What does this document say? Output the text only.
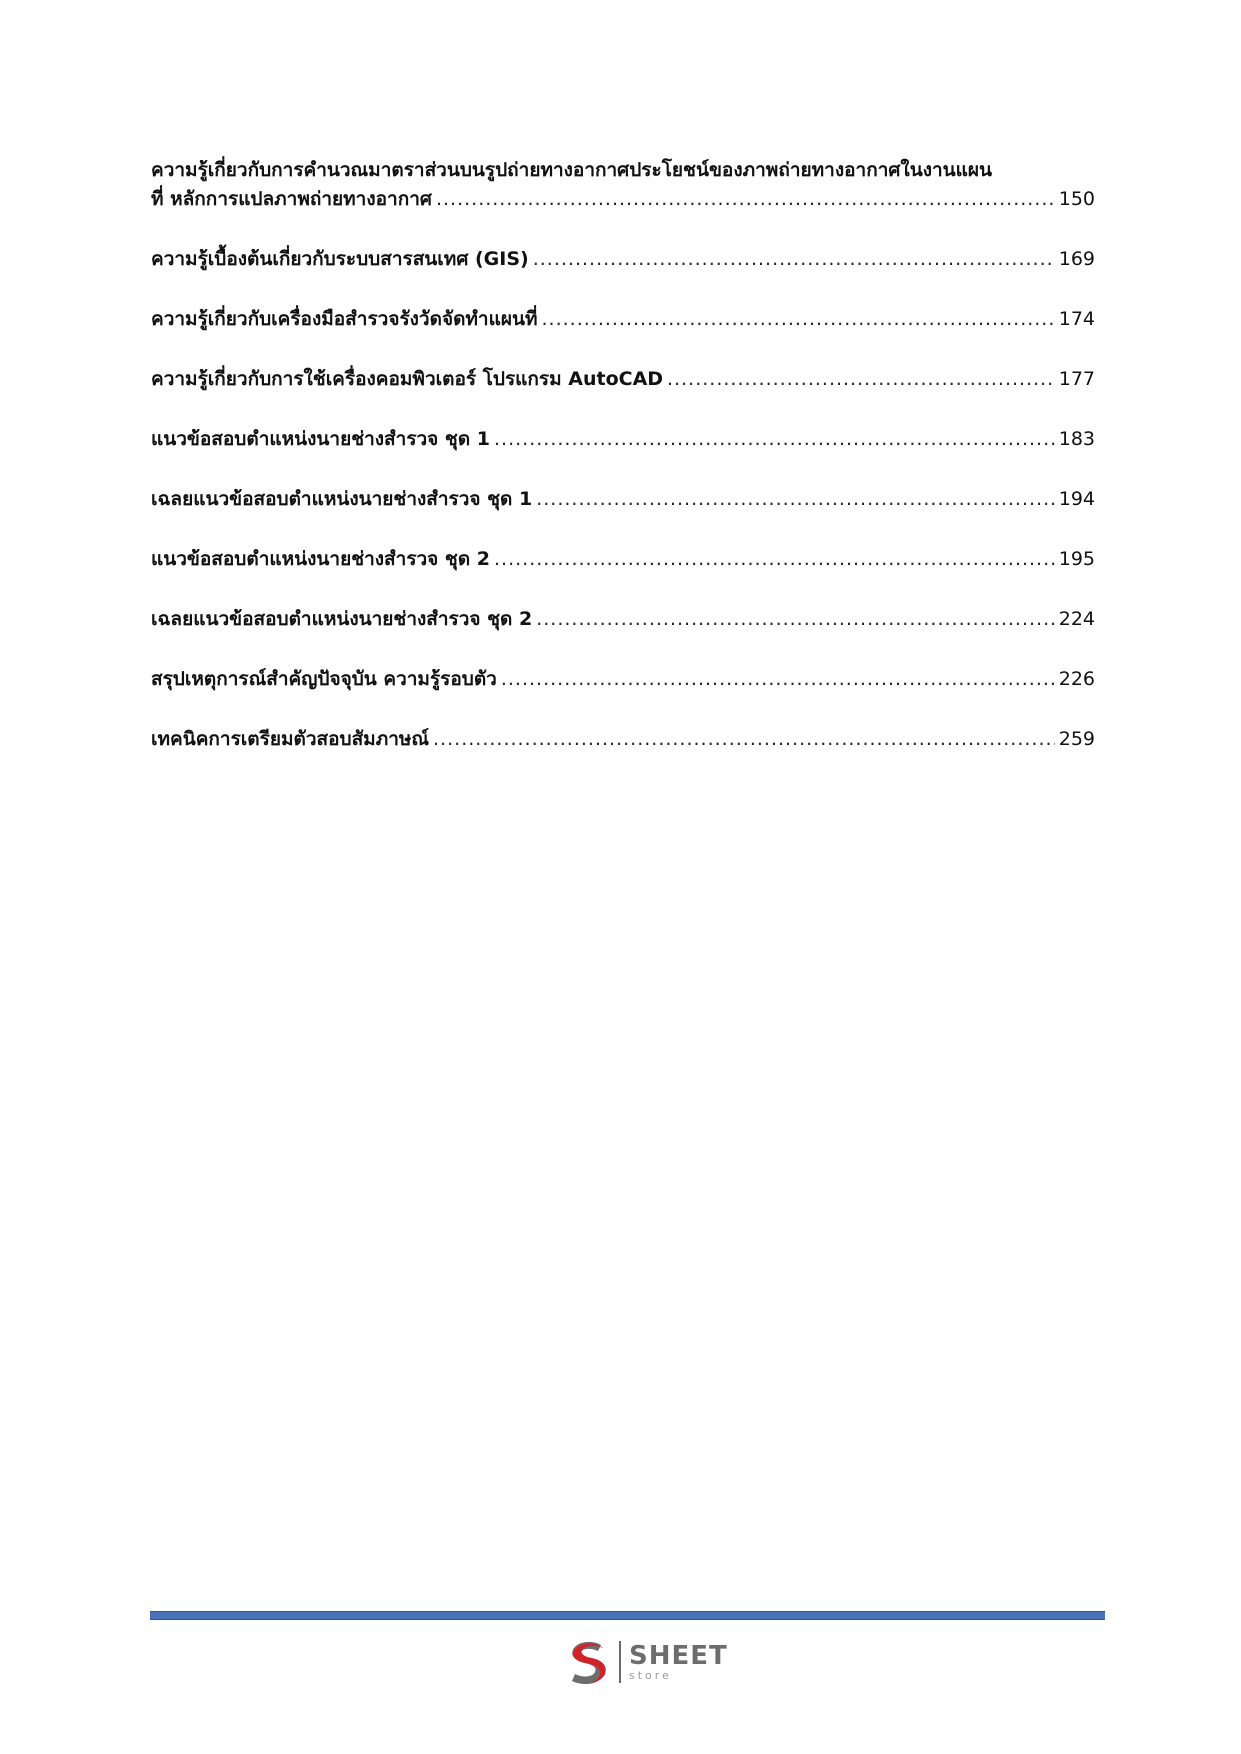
ความรู้เกี่ยวกับการคำนวณมาตราส่วนบนรูปถ่ายทางอากาศประโยชน์ของภาพถ่ายทางอากาศในงานแผน
ที่ หลักการแปลภาพถ่ายทางอากาศ .....	150
ความรู้เบื้องต้นเกี่ยวกับระบบสารสนเทศ (GIS) .....	169
ความรู้เกี่ยวกับเครื่องมือสำรวจรังวัดจัดทำแผนที่ .....	174
ความรู้เกี่ยวกับการใช้เครื่องคอมพิวเตอร์ โปรแกรม AutoCAD .....	177
แนวข้อสอบตำแหน่งนายช่างสำรวจ ชุด 1 .....	183
เฉลยแนวข้อสอบตำแหน่งนายช่างสำรวจ ชุด 1 .....	194
แนวข้อสอบตำแหน่งนายช่างสำรวจ ชุด 2 .....	195
เฉลยแนวข้อสอบตำแหน่งนายช่างสำรวจ ชุด 2 .....	224
สรุปเหตุการณ์สำคัญปัจจุบัน ความรู้รอบตัว .....	226
เทคนิคการเตรียมตัวสอบสัมภาษณ์ .....	259
SHEET
store
